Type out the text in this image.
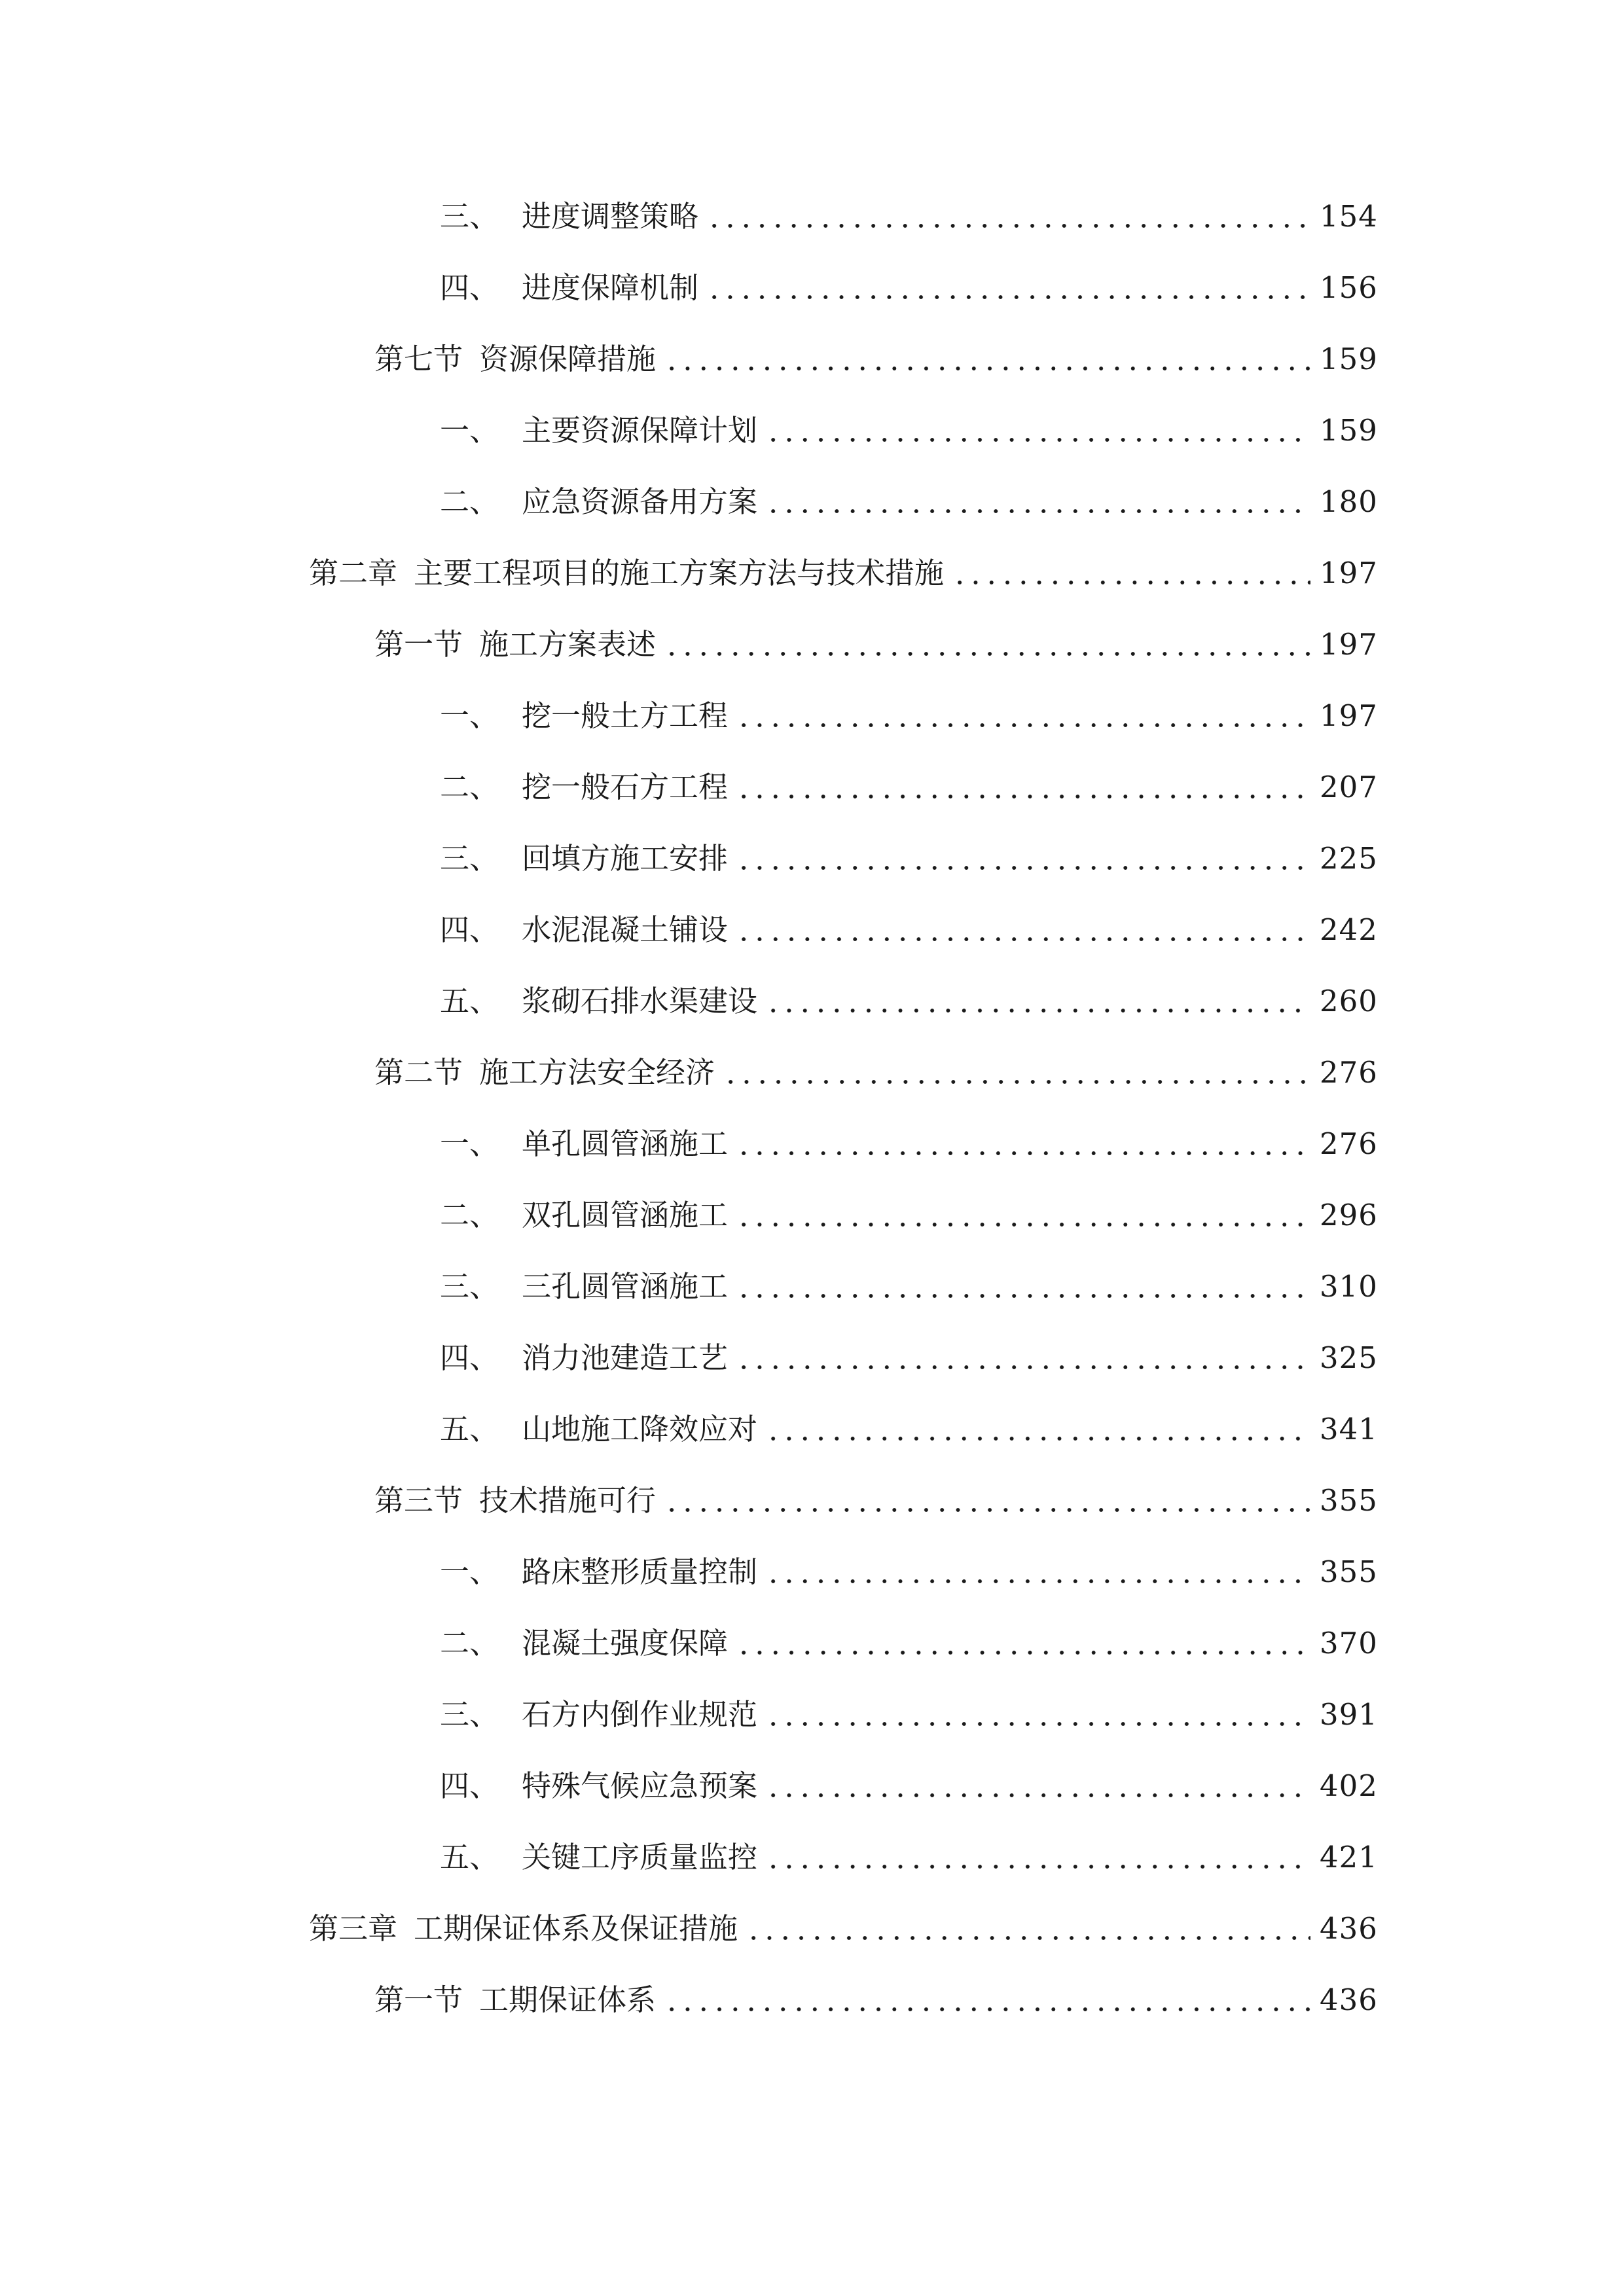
三、 进度调整策略	154
四、 进度保障机制	156
第七节 资源保障措施	159
一、 主要资源保障计划	159
二、 应急资源备用方案	180
第二章 主要工程项目的施工方案方法与技术措施	197
第一节 施工方案表述	197
一、 挖一般土方工程	197
二、 挖一般石方工程	207
三、 回填方施工安排	225
四、 水泥混凝土铺设	242
五、 浆砌石排水渠建设	260
第二节 施工方法安全经济	276
一、 单孔圆管涵施工	276
二、 双孔圆管涵施工	296
三、 三孔圆管涵施工	310
四、 消力池建造工艺	325
五、 山地施工降效应对	341
第三节 技术措施可行	355
一、 路床整形质量控制	355
二、 混凝土强度保障	370
三、 石方内倒作业规范	391
四、 特殊气候应急预案	402
五、 关键工序质量监控	421
第三章 工期保证体系及保证措施	436
第一节 工期保证体系	436
